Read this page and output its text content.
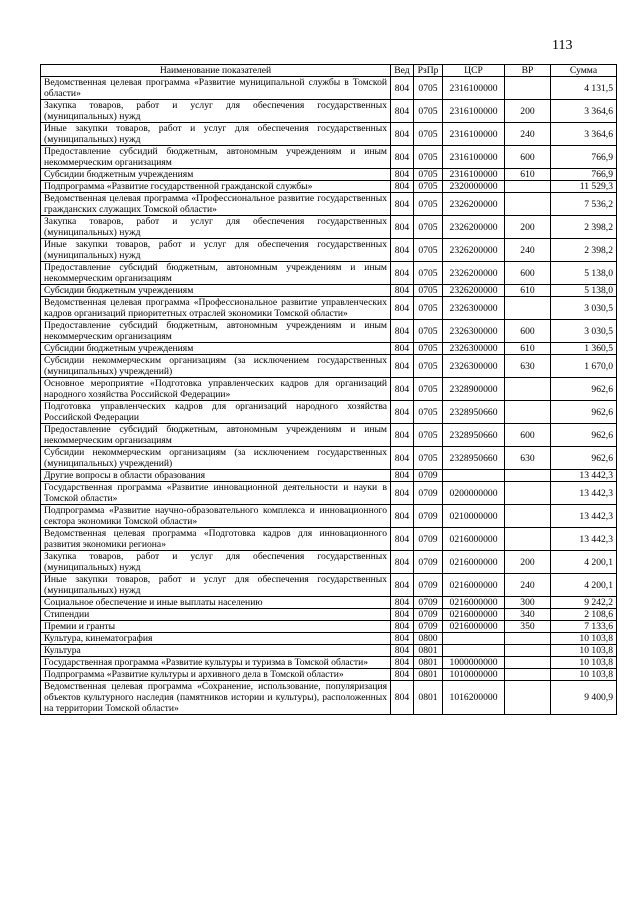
113
Наименование показателей	Вед	РзПр	ЦСР	ВР	Сумма
Ведомственная целевая программа «Развитие муниципальной службы в Томской области»	804	0705	2316100000		4 131,5
Закупка товаров, работ и услуг для обеспечения государственных (муниципальных) нужд	804	0705	2316100000	200	3 364,6
Иные закупки товаров, работ и услуг для обеспечения государственных (муниципальных) нужд	804	0705	2316100000	240	3 364,6
Предоставление субсидий бюджетным, автономным учреждениям и иным некоммерческим организациям	804	0705	2316100000	600	766,9
Субсидии бюджетным учреждениям	804	0705	2316100000	610	766,9
Подпрограмма «Развитие государственной гражданской службы»	804	0705	2320000000		11 529,3
Ведомственная целевая программа «Профессиональное развитие государственных гражданских служащих Томской области»	804	0705	2326200000		7 536,2
Закупка товаров, работ и услуг для обеспечения государственных (муниципальных) нужд	804	0705	2326200000	200	2 398,2
Иные закупки товаров, работ и услуг для обеспечения государственных (муниципальных) нужд	804	0705	2326200000	240	2 398,2
Предоставление субсидий бюджетным, автономным учреждениям и иным некоммерческим организациям	804	0705	2326200000	600	5 138,0
Субсидии бюджетным учреждениям	804	0705	2326200000	610	5 138,0
Ведомственная целевая программа «Профессиональное развитие управленческих кадров организаций приоритетных отраслей экономики Томской области»	804	0705	2326300000		3 030,5
Предоставление субсидий бюджетным, автономным учреждениям и иным некоммерческим организациям	804	0705	2326300000	600	3 030,5
Субсидии бюджетным учреждениям	804	0705	2326300000	610	1 360,5
Субсидии некоммерческим организациям (за исключением государственных (муниципальных) учреждений)	804	0705	2326300000	630	1 670,0
Основное мероприятие «Подготовка управленческих кадров для организаций народного хозяйства Российской Федерации»	804	0705	2328900000		962,6
Подготовка управленческих кадров для организаций народного хозяйства Российской Федерации	804	0705	2328950660		962,6
Предоставление субсидий бюджетным, автономным учреждениям и иным некоммерческим организациям	804	0705	2328950660	600	962,6
Субсидии некоммерческим организациям (за исключением государственных (муниципальных) учреждений)	804	0705	2328950660	630	962,6
Другие вопросы в области образования	804	0709			13 442,3
Государственная программа «Развитие инновационной деятельности и науки в Томской области»	804	0709	0200000000		13 442,3
Подпрограмма «Развитие научно-образовательного комплекса и инновационного сектора экономики Томской области»	804	0709	0210000000		13 442,3
Ведомственная целевая программа «Подготовка кадров для инновационного развития экономики региона»	804	0709	0216000000		13 442,3
Закупка товаров, работ и услуг для обеспечения государственных (муниципальных) нужд	804	0709	0216000000	200	4 200,1
Иные закупки товаров, работ и услуг для обеспечения государственных (муниципальных) нужд	804	0709	0216000000	240	4 200,1
Социальное обеспечение и иные выплаты населению	804	0709	0216000000	300	9 242,2
Стипендии	804	0709	0216000000	340	2 108,6
Премии и гранты	804	0709	0216000000	350	7 133,6
Культура, кинематография	804	0800			10 103,8
Культура	804	0801			10 103,8
Государственная программа «Развитие культуры и туризма в Томской области»	804	0801	1000000000		10 103,8
Подпрограмма «Развитие культуры и архивного дела в Томской области»	804	0801	1010000000		10 103,8
Ведомственная целевая программа «Сохранение, использование, популяризация объектов культурного наследия (памятников истории и культуры), расположенных на территории Томской области»	804	0801	1016200000		9 400,9
